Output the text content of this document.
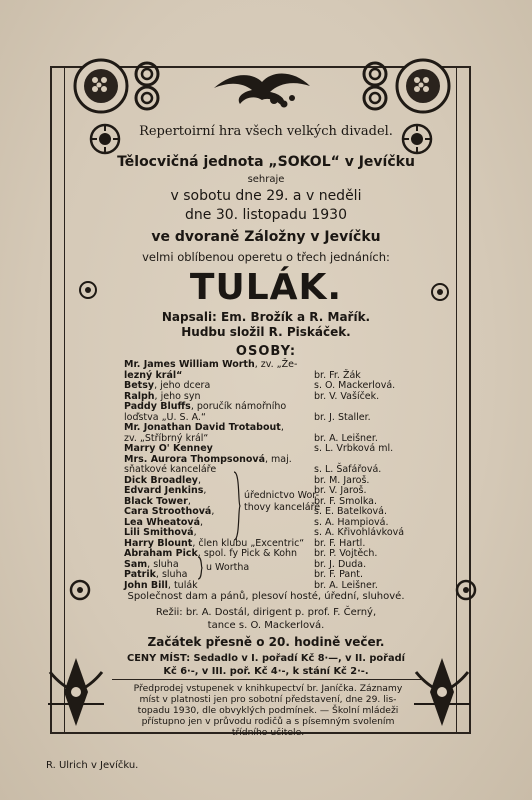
Repertoirní hra všech velkých divadel.
Tělocvičná jednota „SOKOL“ v Jevíčku
sehraje
v sobotu dne 29. a v neděli
dne 30. listopadu 1930
ve dvoraně Záložny v Jevíčku
velmi oblíbenou operetu o třech jednáních:
TULÁK.
Napsali: Em. Brožík a R. Mařík.
Hudbu složil R. Piskáček.
OSOBY:
Mr. James William Worth, zv. „Že-
lezný král“	br. Fr. Žák
Betsy, jeho dcera	s. O. Mackerlová.
Ralph, jeho syn	br. V. Vašíček.
Paddy Bluffs, poručík námořního
loďstva „U. S. A.“	br. J. Staller.
Mr. Jonathan David Trotabout,
zv. „Stříbrný král“	br. A. Leišner.
Marry O' Kenney	s. L. Vrbková ml.
Mrs. Aurora Thompsonová, maj.
sňatkové kanceláře	s. L. Šafářová.
Dick Broadley,	br. M. Jaroš.
Edvard Jenkins,	br. V. Jaroš.
Black Tower,	br. F. Smolka.
Cara Stroothová,	s. E. Batelková.
Lea Wheatová,	s. A. Hampiová.
Lili Smithová,	s. A. Křivohlávková
Harry Blount, člen klubu „Excentric“ br. F. Hartl.
Abraham Pick, spol. fy Pick & Kohn br. P. Vojtěch.
Sam, sluha	br. J. Duda.
Patrik, sluha	br. F. Pant.
John Bill, tulák	br. A. Leišner.
úřednictvo Wor-
thovy kanceláře
u Wortha
Společnost dam a pánů, plesoví hosté, úřední, sluhové.
Režii: br. A. Dostál, dirigent p. prof. F. Černý,
tance s. O. Mackerlová.
Začátek přesně o 20. hodině večer.
CENY MÍST: Sedadlo v I. pořadí Kč 8·—, v II. pořadí
Kč 6·-, v III. poř. Kč 4·-, k stání Kč 2·-.
Předprodej vstupenek v knihkupectví br. Janíčka. Záznamy
míst v platnosti jen pro sobotní představení, dne 29. lis-
topadu 1930, dle obvyklých podmínek. — Školní mládeži
přístupno jen v průvodu rodičů a s písemným svolením
třídního učitele.
R. Ulrich v Jevíčku.
